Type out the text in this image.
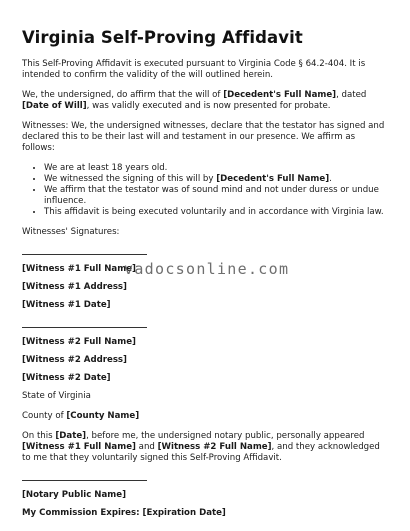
Virginia Self-Proving Affidavit

This Self-Proving Affidavit is executed pursuant to Virginia Code § 64.2-404. It is intended to confirm the validity of the will outlined herein.

We, the undersigned, do affirm that the will of [Decedent's Full Name], dated [Date of Will], was validly executed and is now presented for probate.

Witnesses: We, the undersigned witnesses, declare that the testator has signed and declared this to be their last will and testament in our presence. We affirm as follows:

• We are at least 18 years old.
• We witnessed the signing of this will by [Decedent's Full Name].
• We affirm that the testator was of sound mind and not under duress or undue influence.
• This affidavit is being executed voluntarily and in accordance with Virginia law.

Witnesses' Signatures:

[Witness #1 Full Name]
[Witness #1 Address]
[Witness #1 Date]
[Witness #2 Full Name]
[Witness #2 Address]
[Witness #2 Date]

State of Virginia

County of [County Name]

On this [Date], before me, the undersigned notary public, personally appeared [Witness #1 Full Name] and [Witness #2 Full Name], and they acknowledged to me that they voluntarily signed this Self-Proving Affidavit.

[Notary Public Name]
My Commission Expires: [Expiration Date]
vadocsonline.com
